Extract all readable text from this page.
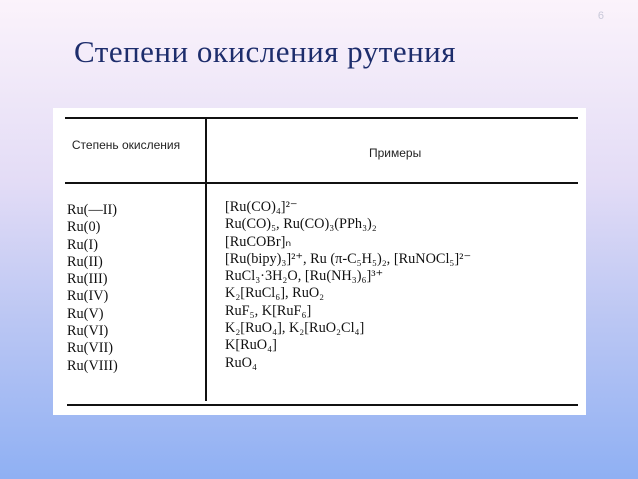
6
Степени окисления рутения
Степень окисления
Примеры
Ru(—II)
Ru(0)
Ru(I)
Ru(II)
Ru(III)
Ru(IV)
Ru(V)
Ru(VI)
Ru(VII)
Ru(VIII)
[Ru(CO)₄]²⁻
Ru(CO)₅, Ru(CO)₃(PPh₃)₂
[RuCOBr]ₙ
[Ru(bipy)₃]²⁺, Ru (π-C₅H₅)₂, [RuNOCl₅]²⁻
RuCl₃·3H₂O, [Ru(NH₃)₆]³⁺
K₂[RuCl₆], RuO₂
RuF₅, K[RuF₆]
K₂[RuO₄], K₂[RuO₂Cl₄]
K[RuO₄]
RuO₄
